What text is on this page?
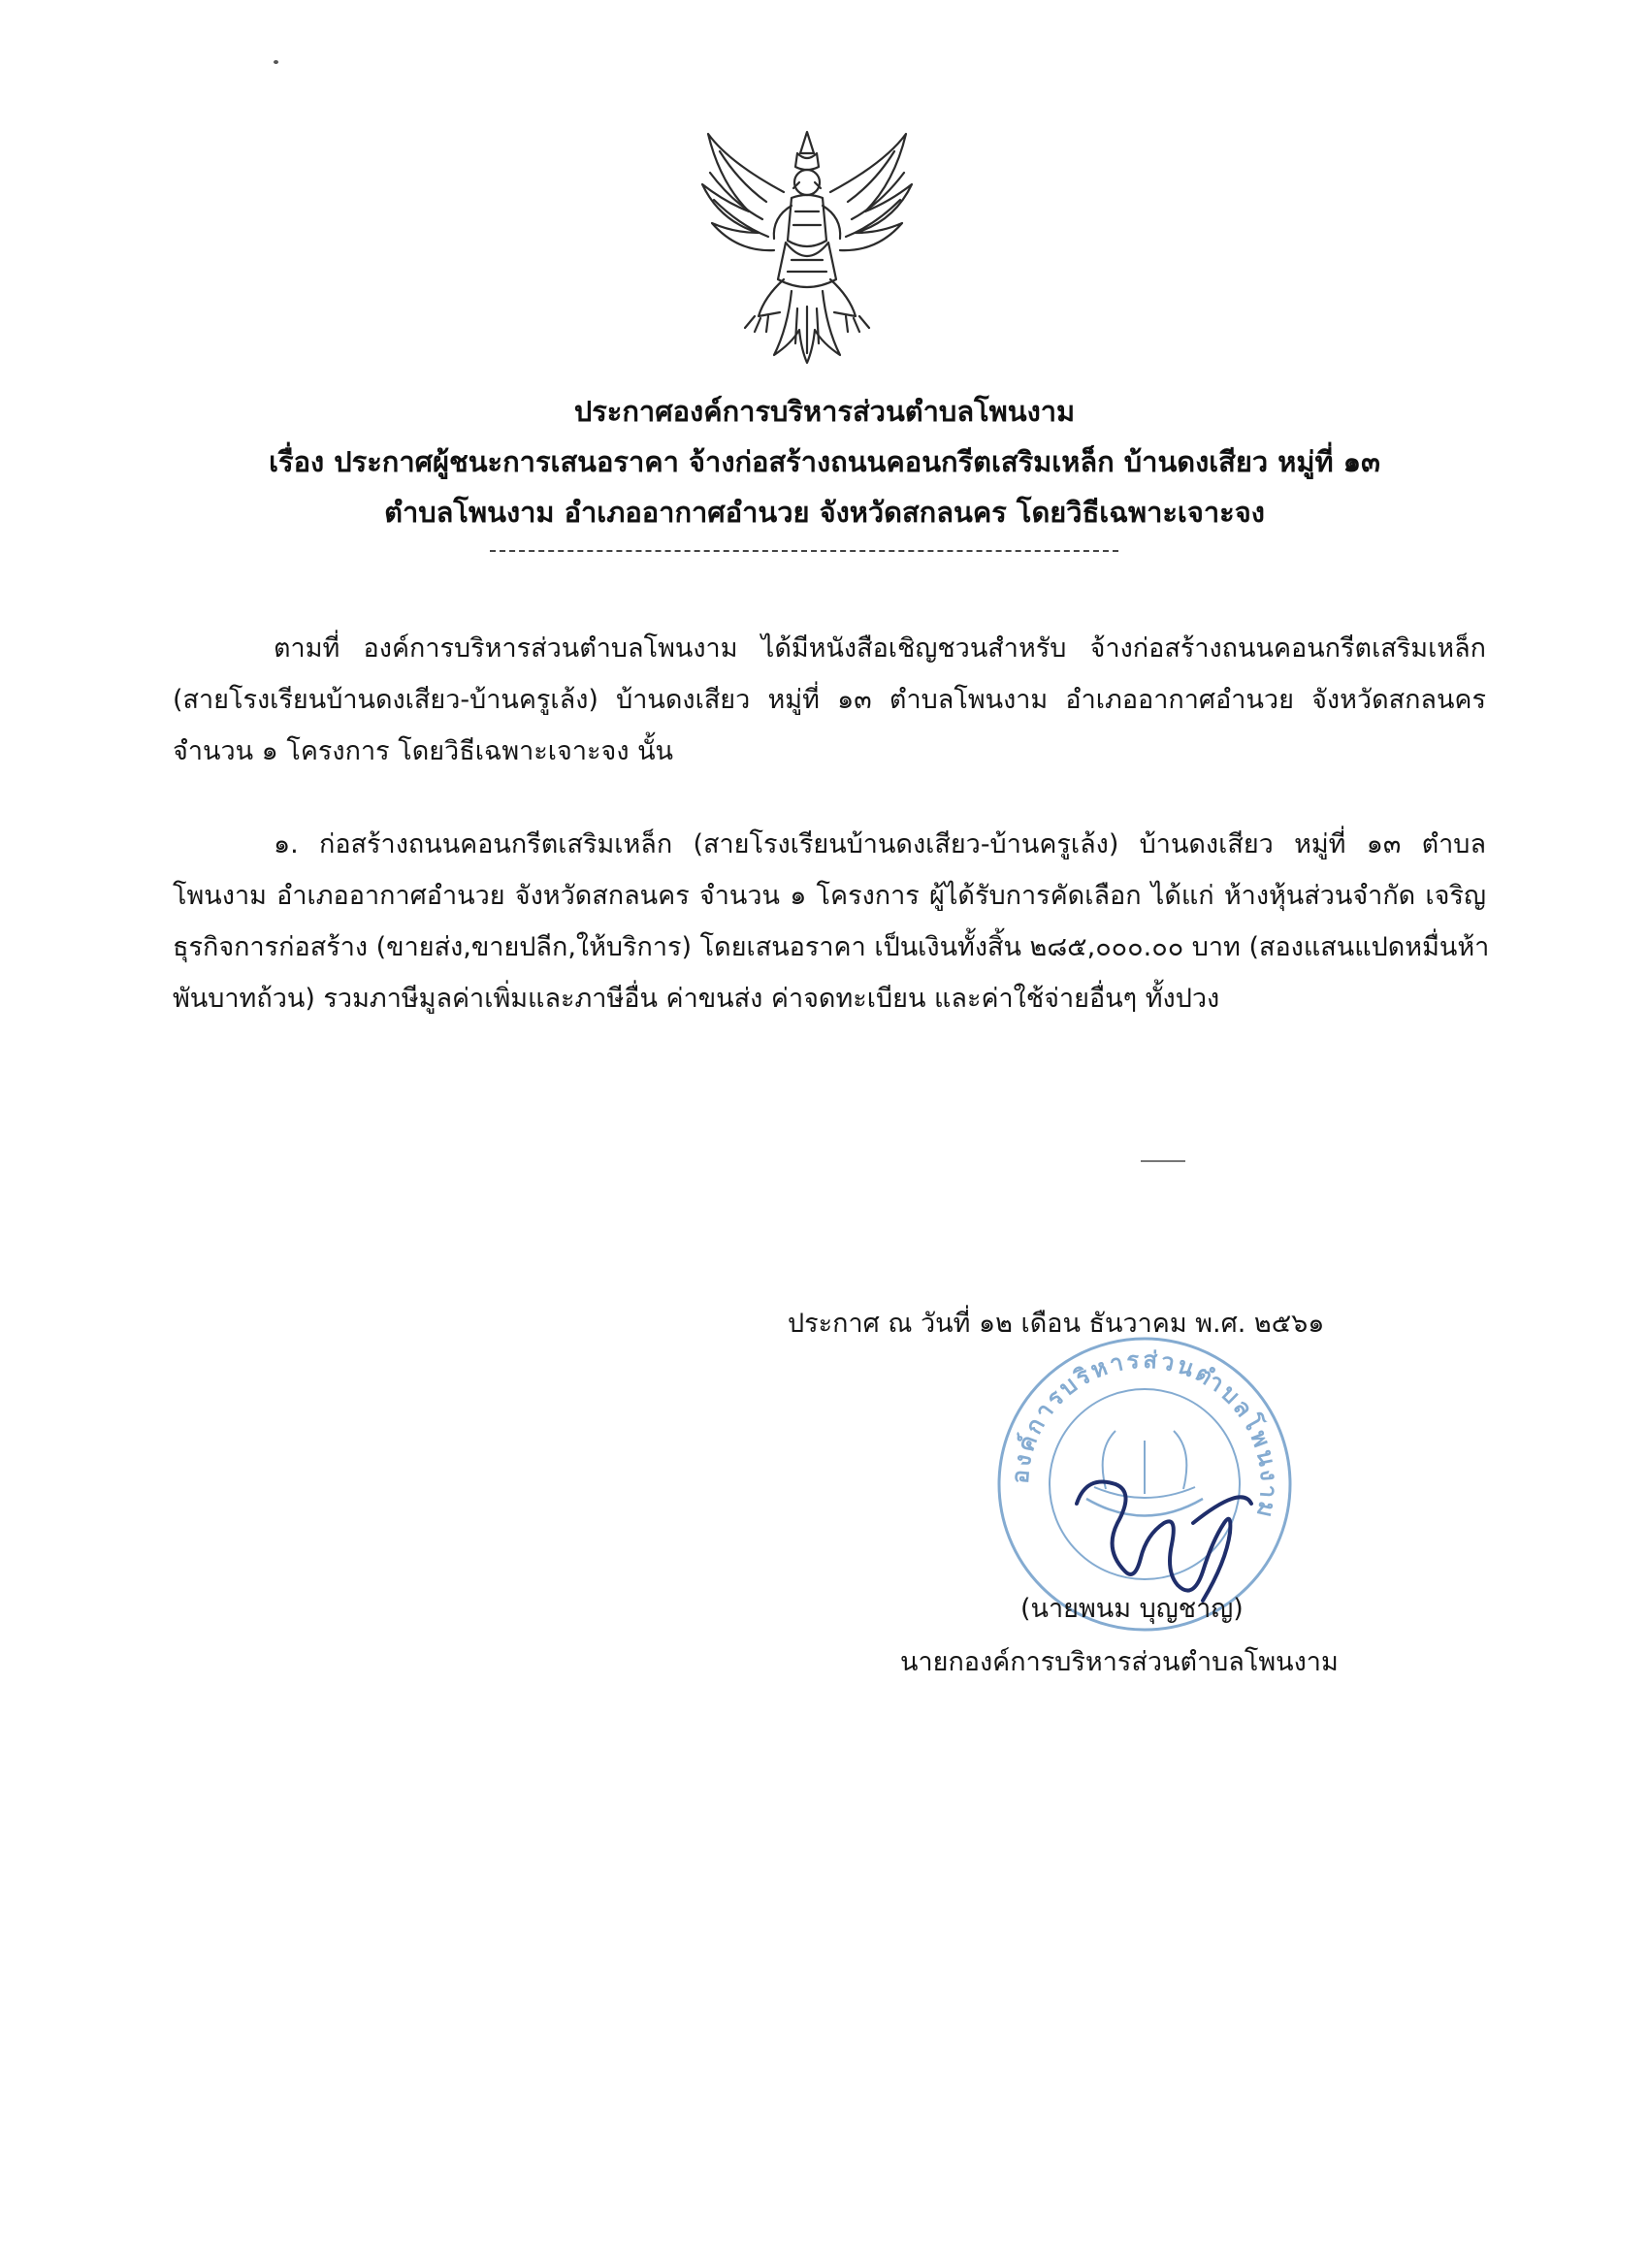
ประกาศองค์การบริหารส่วนตำบลโพนงาม
เรื่อง ประกาศผู้ชนะการเสนอราคา จ้างก่อสร้างถนนคอนกรีตเสริมเหล็ก บ้านดงเสียว หมู่ที่ ๑๓
ตำบลโพนงาม อำเภออากาศอำนวย จังหวัดสกลนคร โดยวิธีเฉพาะเจาะจง
ตามที่ องค์การบริหารส่วนตำบลโพนงาม ได้มีหนังสือเชิญชวนสำหรับ จ้างก่อสร้างถนนคอนกรีตเสริมเหล็ก
(สายโรงเรียนบ้านดงเสียว-บ้านครูเล้ง) บ้านดงเสียว หมู่ที่ ๑๓ ตำบลโพนงาม อำเภออากาศอำนวย จังหวัดสกลนคร
จำนวน ๑ โครงการ โดยวิธีเฉพาะเจาะจง นั้น
๑. ก่อสร้างถนนคอนกรีตเสริมเหล็ก (สายโรงเรียนบ้านดงเสียว-บ้านครูเล้ง) บ้านดงเสียว หมู่ที่ ๑๓ ตำบล
โพนงาม อำเภออากาศอำนวย จังหวัดสกลนคร จำนวน ๑ โครงการ ผู้ได้รับการคัดเลือก ได้แก่ ห้างหุ้นส่วนจำกัด เจริญ
ธุรกิจการก่อสร้าง (ขายส่ง,ขายปลีก,ให้บริการ) โดยเสนอราคา เป็นเงินทั้งสิ้น ๒๘๕,๐๐๐.๐๐ บาท (สองแสนแปดหมื่นห้า
พันบาทถ้วน) รวมภาษีมูลค่าเพิ่มและภาษีอื่น ค่าขนส่ง ค่าจดทะเบียน และค่าใช้จ่ายอื่นๆ ทั้งปวง
ประกาศ ณ วันที่ ๑๒ เดือน ธันวาคม พ.ศ. ๒๕๖๑
องค์การบริหารส่วนตำบลโพนงาม
(นายพนม บุญชาญ)
นายกองค์การบริหารส่วนตำบลโพนงาม
